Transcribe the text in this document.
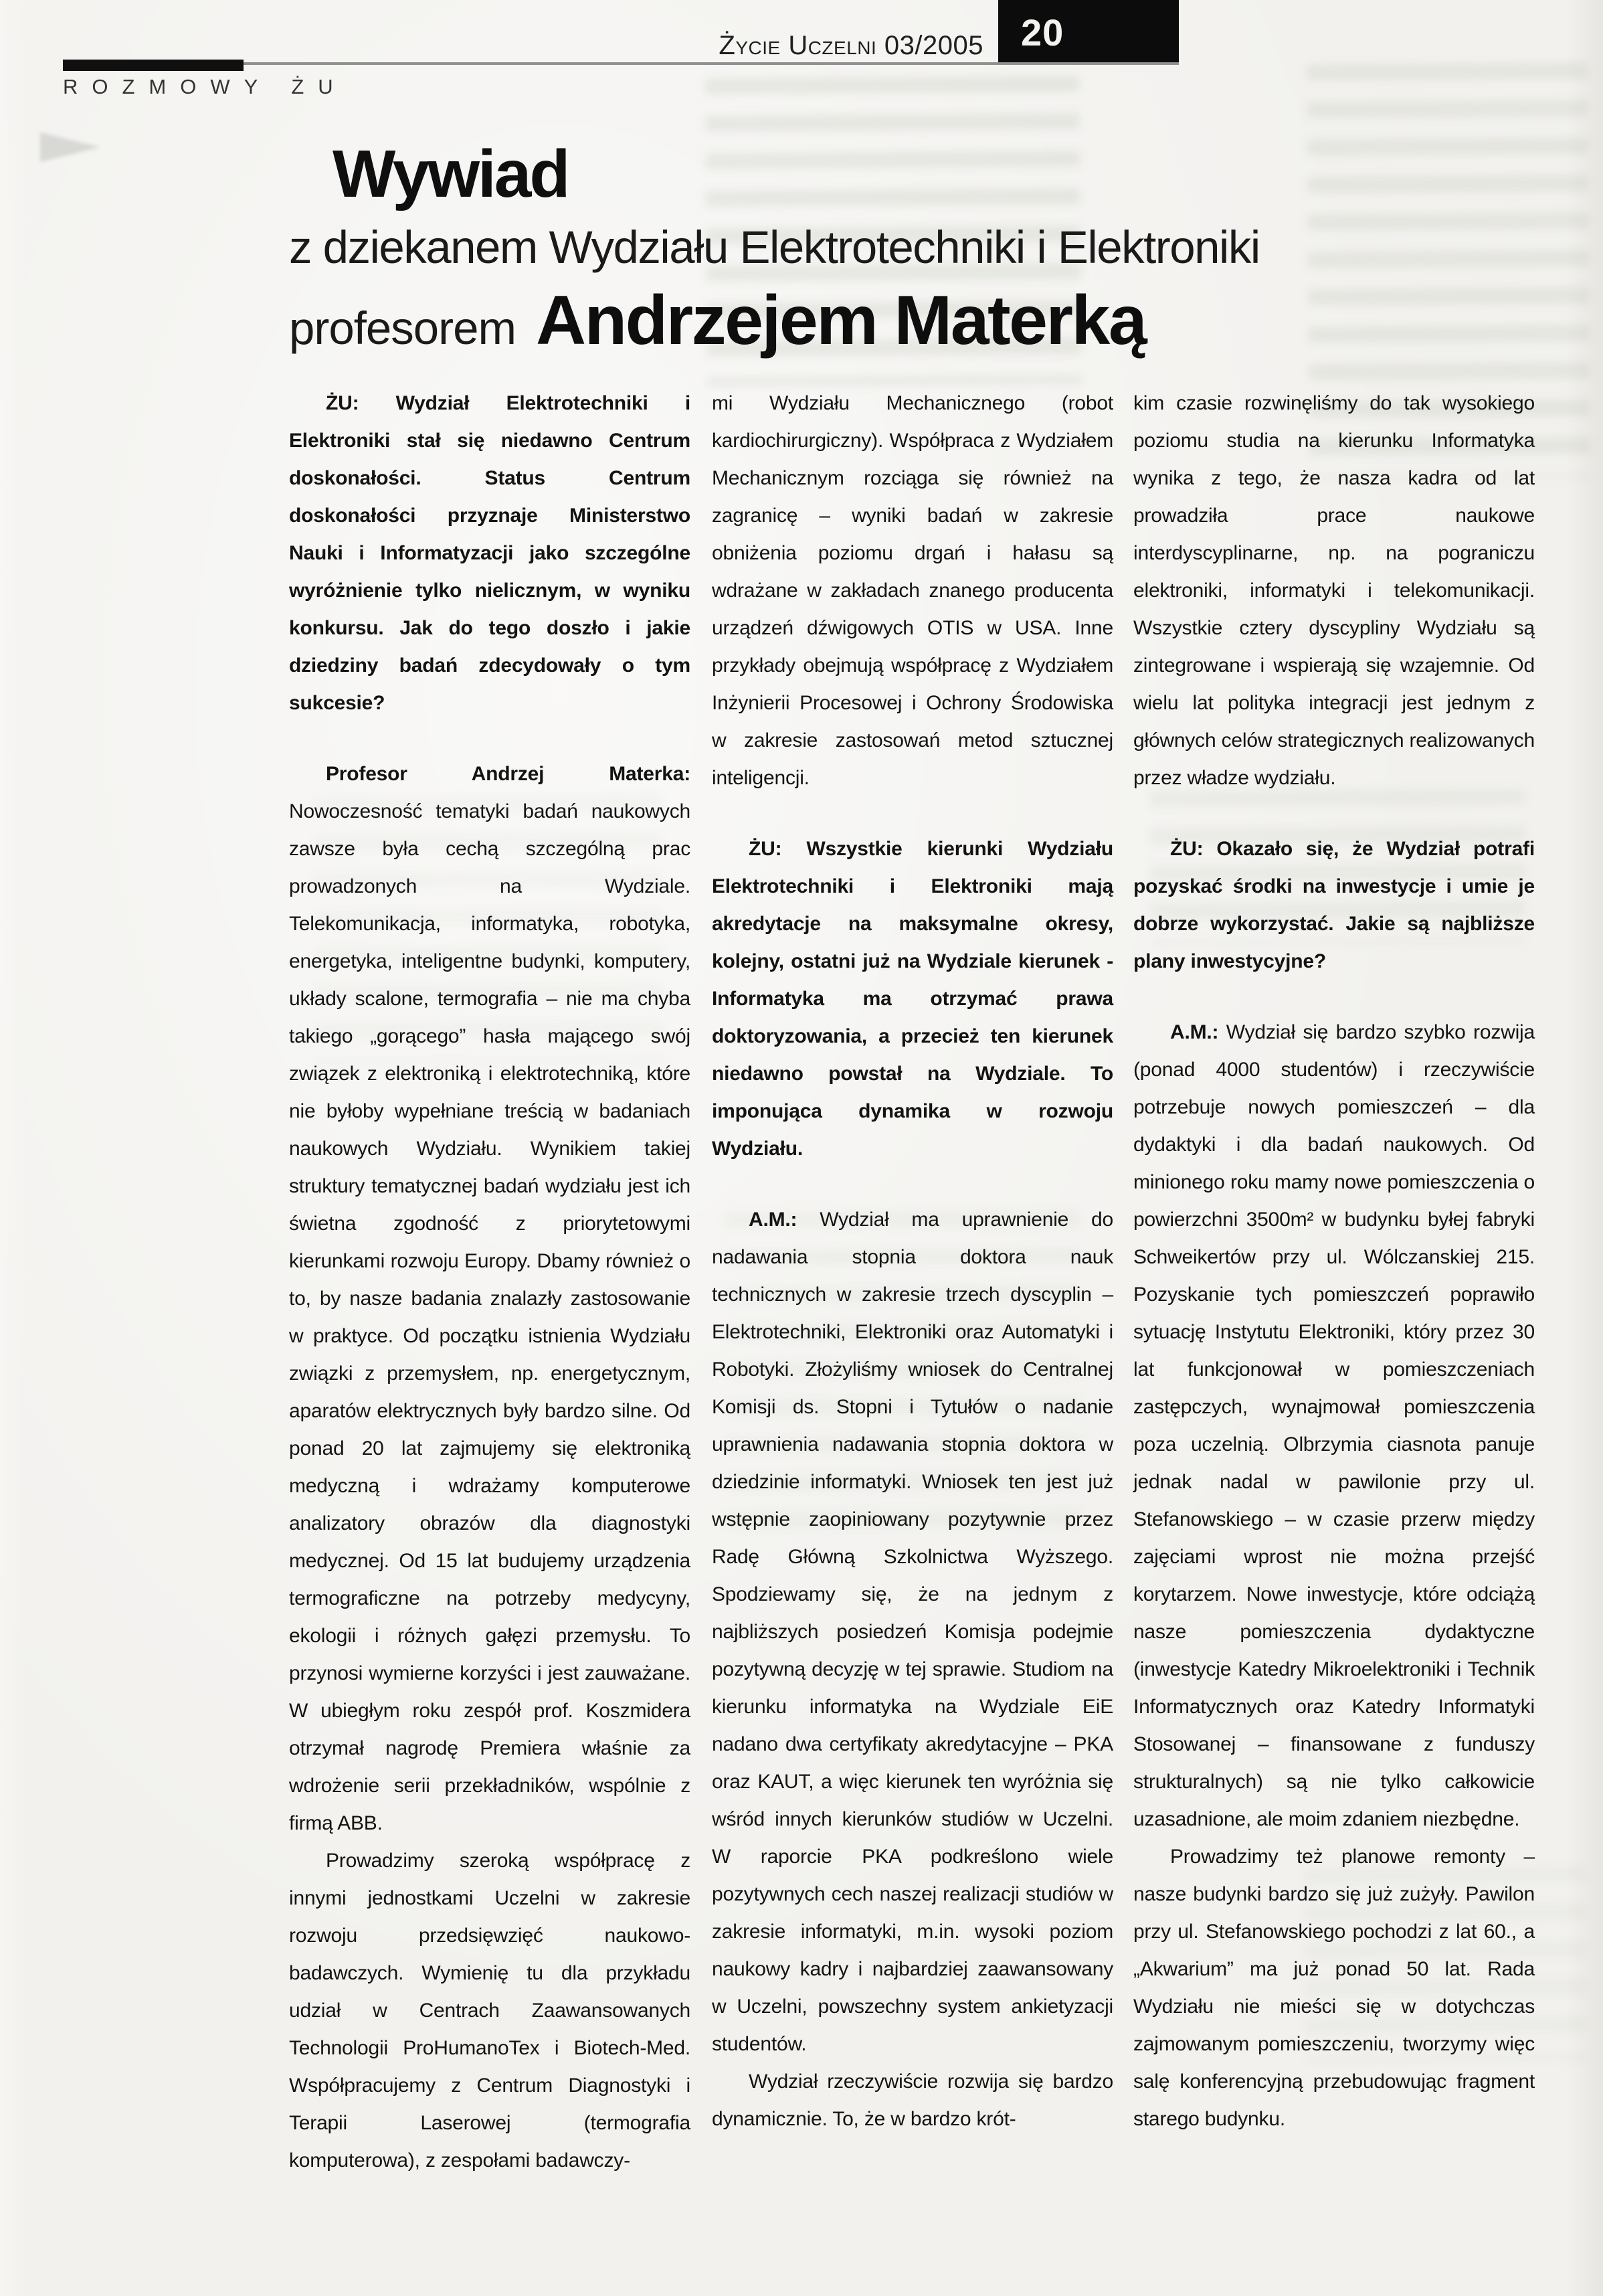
Życie Uczelni 03/2005	20
ROZMOWY ŻU
Wywiad
z dziekanem Wydziału Elektrotechniki i Elektroniki
profesorem Andrzejem Materką

ŻU: Wydział Elektrotechniki i Elektroniki stał się niedawno Centrum doskonałości. Status Centrum doskonałości przyznaje Ministerstwo Nauki i Informatyzacji jako szczególne wyróżnienie tylko nielicznym, w wyniku konkursu. Jak do tego doszło i jakie dziedziny badań zdecydowały o tym sukcesie?

Profesor Andrzej Materka: Nowoczesność tematyki badań naukowych zawsze była cechą szczególną prac prowadzonych na Wydziale. Telekomunikacja, informatyka, robotyka, energetyka, inteligentne budynki, komputery, układy scalone, termografia – nie ma chyba takiego „gorącego” hasła mającego swój związek z elektroniką i elektrotechniką, które nie byłoby wypełniane treścią w badaniach naukowych Wydziału. Wynikiem takiej struktury tematycznej badań wydziału jest ich świetna zgodność z priorytetowymi kierunkami rozwoju Europy. Dbamy również o to, by nasze badania znalazły zastosowanie w praktyce. Od początku istnienia Wydziału związki z przemysłem, np. energetycznym, aparatów elektrycznych były bardzo silne. Od ponad 20 lat zajmujemy się elektroniką medyczną i wdrażamy komputerowe analizatory obrazów dla diagnostyki medycznej. Od 15 lat budujemy urządzenia termograficzne na potrzeby medycyny, ekologii i różnych gałęzi przemysłu. To przynosi wymierne korzyści i jest zauważane. W ubiegłym roku zespół prof. Koszmidera otrzymał nagrodę Premiera właśnie za wdrożenie serii przekładników, wspólnie z firmą ABB.

Prowadzimy szeroką współpracę z innymi jednostkami Uczelni w zakresie rozwoju przedsięwzięć naukowo-badawczych. Wymienię tu dla przykładu udział w Centrach Zaawansowanych Technologii ProHumanoTex i Biotech-Med. Współpracujemy z Centrum Diagnostyki i Terapii Laserowej (termografia komputerowa), z zespołami badawczy-

mi Wydziału Mechanicznego (robot kardiochirurgiczny). Współpraca z Wydziałem Mechanicznym rozciąga się również na zagranicę – wyniki badań w zakresie obniżenia poziomu drgań i hałasu są wdrażane w zakładach znanego producenta urządzeń dźwigowych OTIS w USA. Inne przykłady obejmują współpracę z Wydziałem Inżynierii Procesowej i Ochrony Środowiska w zakresie zastosowań metod sztucznej inteligencji.

ŻU: Wszystkie kierunki Wydziału Elektrotechniki i Elektroniki mają akredytacje na maksymalne okresy, kolejny, ostatni już na Wydziale kierunek - Informatyka ma otrzymać prawa doktoryzowania, a przecież ten kierunek niedawno powstał na Wydziale. To imponująca dynamika w rozwoju Wydziału.

A.M.: Wydział ma uprawnienie do nadawania stopnia doktora nauk technicznych w zakresie trzech dyscyplin – Elektrotechniki, Elektroniki oraz Automatyki i Robotyki. Złożyliśmy wniosek do Centralnej Komisji ds. Stopni i Tytułów o nadanie uprawnienia nadawania stopnia doktora w dziedzinie informatyki. Wniosek ten jest już wstępnie zaopiniowany pozytywnie przez Radę Główną Szkolnictwa Wyższego. Spodziewamy się, że na jednym z najbliższych posiedzeń Komisja podejmie pozytywną decyzję w tej sprawie. Studiom na kierunku informatyka na Wydziale EiE nadano dwa certyfikaty akredytacyjne – PKA oraz KAUT, a więc kierunek ten wyróżnia się wśród innych kierunków studiów w Uczelni. W raporcie PKA podkreślono wiele pozytywnych cech naszej realizacji studiów w zakresie informatyki, m.in. wysoki poziom naukowy kadry i najbardziej zaawansowany w Uczelni, powszechny system ankietyzacji studentów.

Wydział rzeczywiście rozwija się bardzo dynamicznie. To, że w bardzo krót-

kim czasie rozwinęliśmy do tak wysokiego poziomu studia na kierunku Informatyka wynika z tego, że nasza kadra od lat prowadziła prace naukowe interdyscyplinarne, np. na pograniczu elektroniki, informatyki i telekomunikacji. Wszystkie cztery dyscypliny Wydziału są zintegrowane i wspierają się wzajemnie. Od wielu lat polityka integracji jest jednym z głównych celów strategicznych realizowanych przez władze wydziału.

ŻU: Okazało się, że Wydział potrafi pozyskać środki na inwestycje i umie je dobrze wykorzystać. Jakie są najbliższe plany inwestycyjne?

A.M.: Wydział się bardzo szybko rozwija (ponad 4000 studentów) i rzeczywiście potrzebuje nowych pomieszczeń – dla dydaktyki i dla badań naukowych. Od minionego roku mamy nowe pomieszczenia o powierzchni 3500m² w budynku byłej fabryki Schweikertów przy ul. Wólczanskiej 215. Pozyskanie tych pomieszczeń poprawiło sytuację Instytutu Elektroniki, który przez 30 lat funkcjonował w pomieszczeniach zastępczych, wynajmował pomieszczenia poza uczelnią. Olbrzymia ciasnota panuje jednak nadal w pawilonie przy ul. Stefanowskiego – w czasie przerw między zajęciami wprost nie można przejść korytarzem. Nowe inwestycje, które odciążą nasze pomieszczenia dydaktyczne (inwestycje Katedry Mikroelektroniki i Technik Informatycznych oraz Katedry Informatyki Stosowanej – finansowane z funduszy strukturalnych) są nie tylko całkowicie uzasadnione, ale moim zdaniem niezbędne.

Prowadzimy też planowe remonty – nasze budynki bardzo się już zużyły. Pawilon przy ul. Stefanowskiego pochodzi z lat 60., a „Akwarium” ma już ponad 50 lat. Rada Wydziału nie mieści się w dotychczas zajmowanym pomieszczeniu, tworzymy więc salę konferencyjną przebudowując fragment starego budynku.
